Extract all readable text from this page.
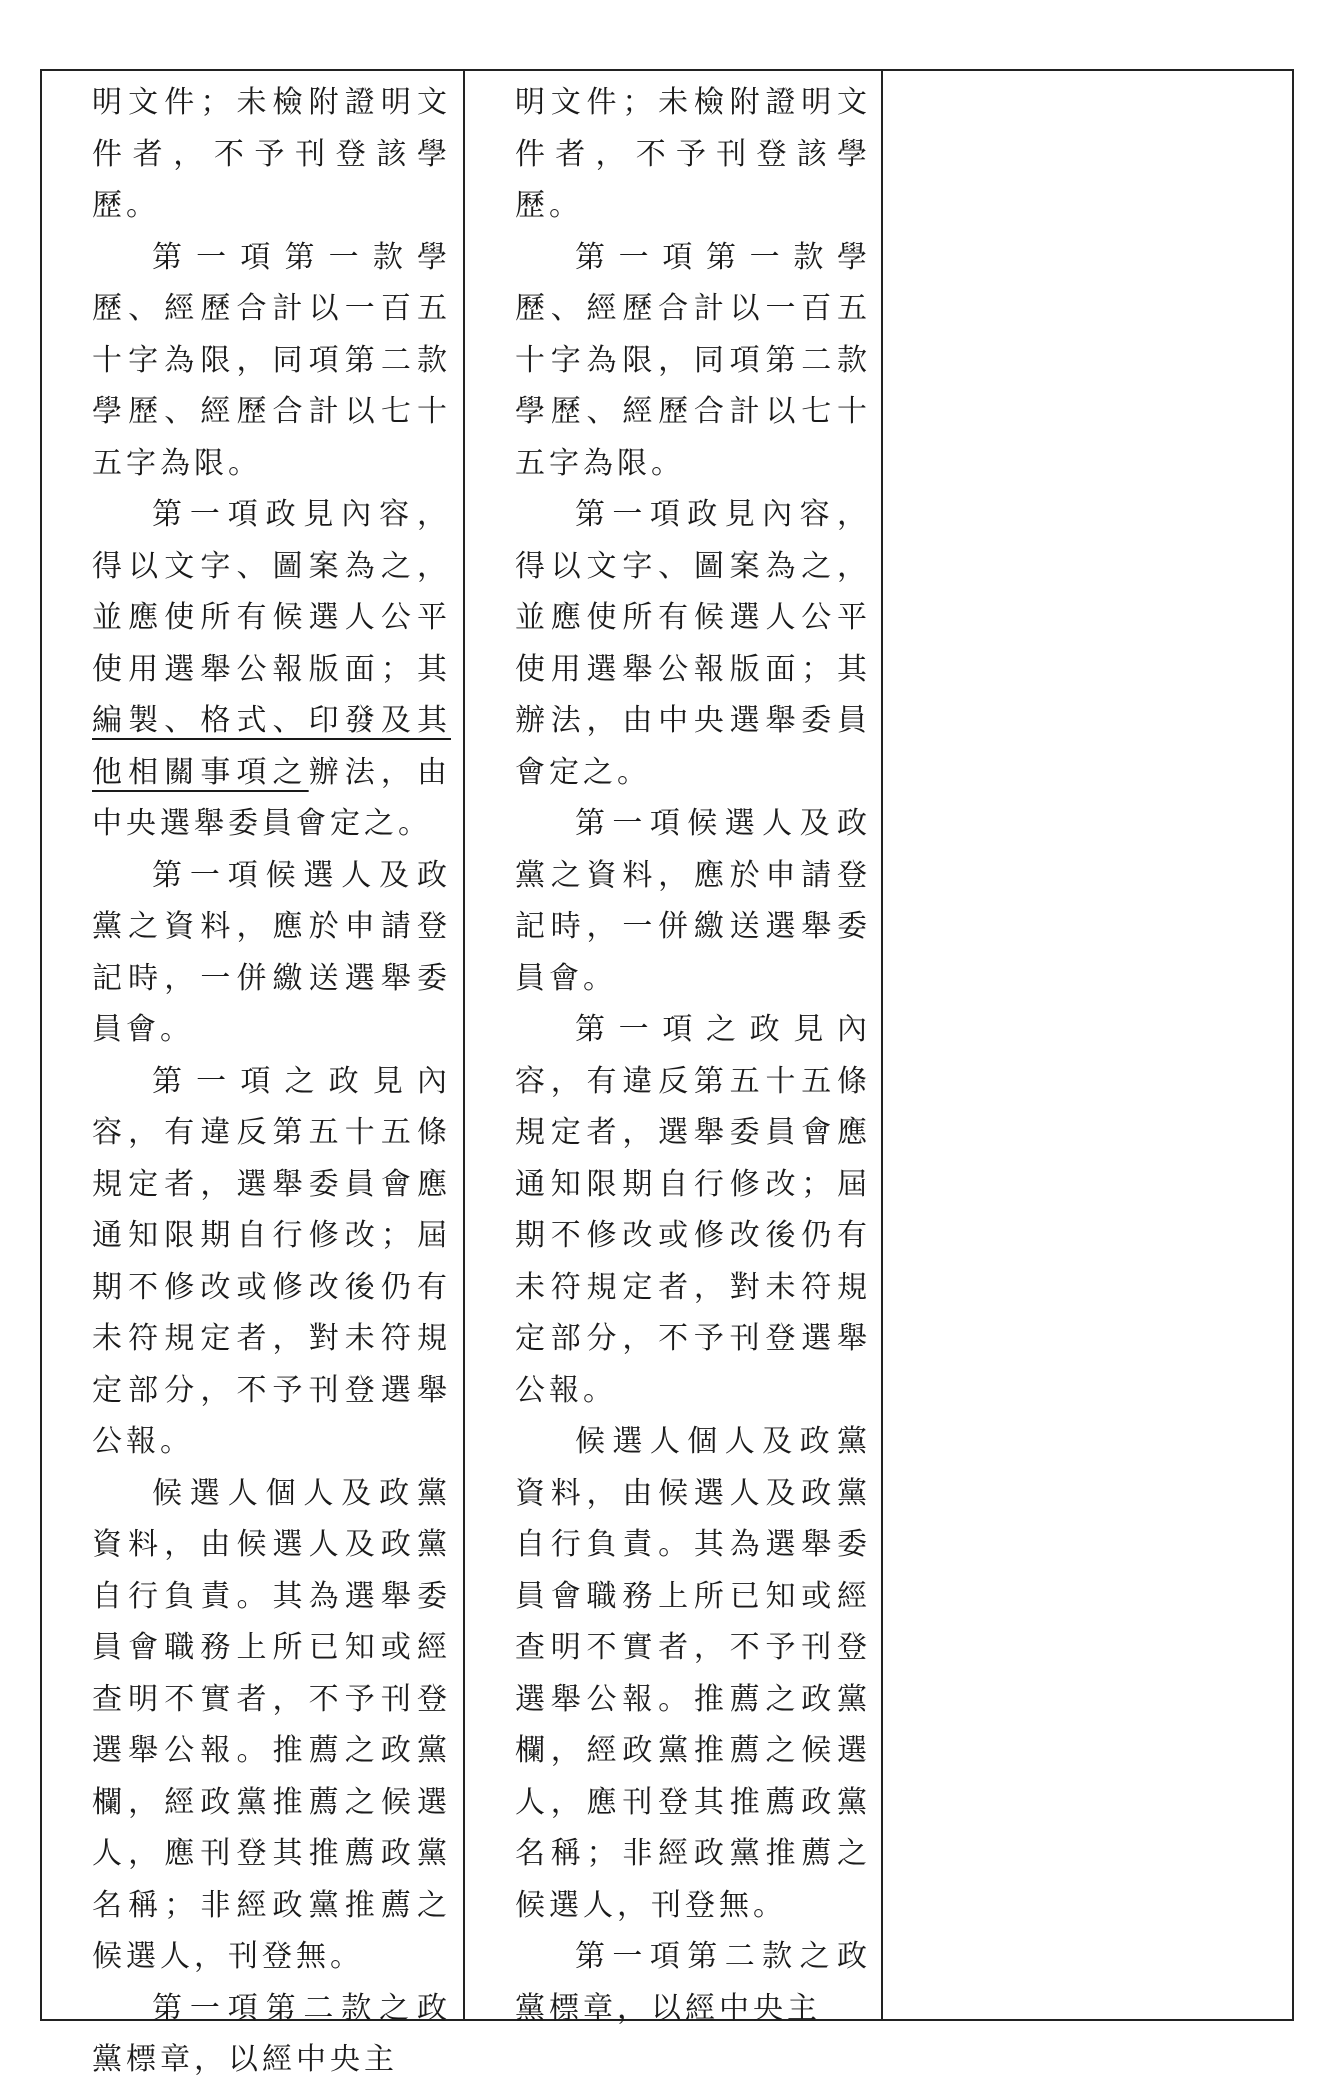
明文件；未檢附證明文件者，不予刊登該學歷。

第一項第一款學歷、經歷合計以一百五十字為限，同項第二款學歷、經歷合計以七十五字為限。

第一項政見內容，得以文字、圖案為之，並應使所有候選人公平使用選舉公報版面；其編製、格式、印發及其他相關事項之辦法，由中央選舉委員會定之。

第一項候選人及政黨之資料，應於申請登記時，一併繳送選舉委員會。

第一項之政見內容，有違反第五十五條規定者，選舉委員會應通知限期自行修改；屆期不修改或修改後仍有未符規定者，對未符規定部分，不予刊登選舉公報。

候選人個人及政黨資料，由候選人及政黨自行負責。其為選舉委員會職務上所已知或經查明不實者，不予刊登選舉公報。推薦之政黨欄，經政黨推薦之候選人，應刊登其推薦政黨名稱；非經政黨推薦之候選人，刊登無。

第一項第二款之政黨標章，以經中央主

明文件；未檢附證明文件者，不予刊登該學歷。

第一項第一款學歷、經歷合計以一百五十字為限，同項第二款學歷、經歷合計以七十五字為限。

第一項政見內容，得以文字、圖案為之，並應使所有候選人公平使用選舉公報版面；其辦法，由中央選舉委員會定之。

第一項候選人及政黨之資料，應於申請登記時，一併繳送選舉委員會。

第一項之政見內容，有違反第五十五條規定者，選舉委員會應通知限期自行修改；屆期不修改或修改後仍有未符規定者，對未符規定部分，不予刊登選舉公報。

候選人個人及政黨資料，由候選人及政黨自行負責。其為選舉委員會職務上所已知或經查明不實者，不予刊登選舉公報。推薦之政黨欄，經政黨推薦之候選人，應刊登其推薦政黨名稱；非經政黨推薦之候選人，刊登無。

第一項第二款之政黨標章，以經中央主
